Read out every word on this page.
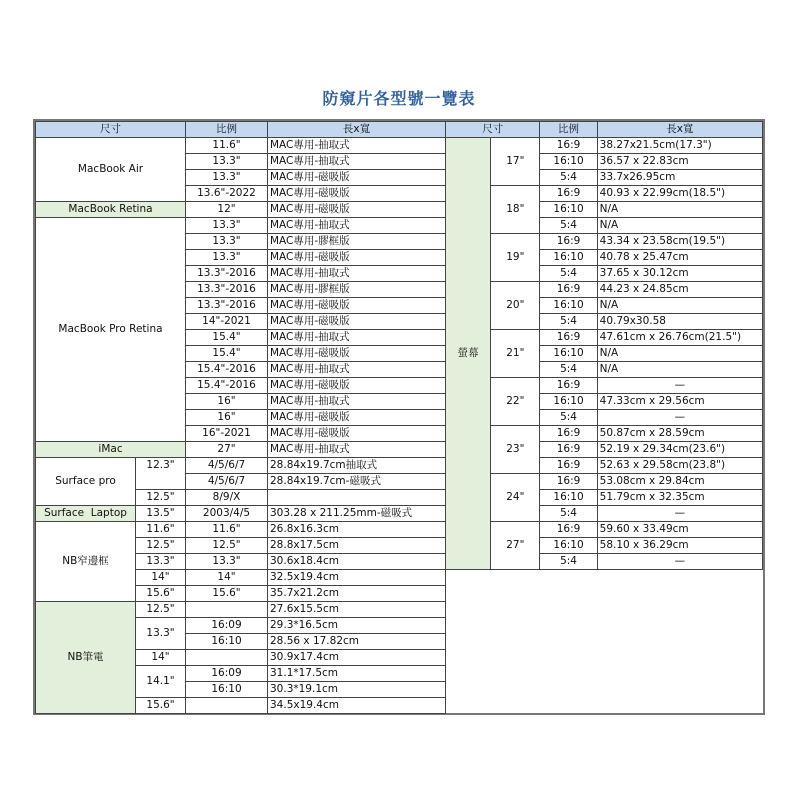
防窺片各型號一覽表
尺寸		比例	長x寬
MacBook Air		11.6"	MAC專用-抽取式
		13.3"	MAC專用-抽取式
		13.3"	MAC專用-磁吸版
		13.6"-2022	MAC專用-磁吸版
MacBook Retina		12"	MAC專用-磁吸版
MacBook Pro Retina		13.3"	MAC專用-抽取式
		13.3"	MAC專用-膠框版
		13.3"	MAC專用-磁吸版
		13.3"-2016	MAC專用-抽取式
		13.3"-2016	MAC專用-膠框版
		13.3"-2016	MAC專用-磁吸版
		14"-2021	MAC專用-磁吸版
		15.4"	MAC專用-抽取式
		15.4"	MAC專用-磁吸版
		15.4"-2016	MAC專用-抽取式
		15.4"-2016	MAC專用-磁吸版
		16"	MAC專用-抽取式
		16"	MAC專用-磁吸版
		16"-2021	MAC專用-磁吸版
iMac		27"	MAC專用-抽取式
Surface pro	12.3"	4/5/6/7	28.84x19.7cm抽取式
		4/5/6/7	28.84x19.7cm-磁吸式
	12.5"	8/9/X	
Surface  Laptop	13.5"	2003/4/5	303.28 x 211.25mm-磁吸式
NB窄邊框	11.6"	11.6"	26.8x16.3cm
	12.5"	12.5"	28.8x17.5cm
	13.3"	13.3"	30.6x18.4cm
	14"	14"	32.5x19.4cm
	15.6"	15.6"	35.7x21.2cm
NB筆電	12.5"		27.6x15.5cm
	13.3"	16:09	29.3*16.5cm
		16:10	28.56 x 17.82cm
	14"		30.9x17.4cm
	14.1"	16:09	31.1*17.5cm
		16:10	30.3*19.1cm
	15.6"		34.5x19.4cm
尺寸		比例	長x寬
螢幕	17"	16:9	38.27x21.5cm(17.3")
		16:10	36.57 x 22.83cm
		5:4	33.7x26.95cm
	18"	16:9	40.93 x 22.99cm(18.5")
		16:10	N/A
		5:4	N/A
	19"	16:9	43.34 x 23.58cm(19.5")
		16:10	40.78 x 25.47cm
		5:4	37.65 x 30.12cm
	20"	16:9	44.23 x 24.85cm
		16:10	N/A
		5:4	40.79x30.58
	21"	16:9	47.61cm x 26.76cm(21.5")
		16:10	N/A
		5:4	N/A
	22"	16:9	—
		16:10	47.33cm x 29.56cm
		5:4	—
	23"	16:9	50.87cm x 28.59cm
		16:9	52.19 x 29.34cm(23.6")
		16:9	52.63 x 29.58cm(23.8")
	24"	16:9	53.08cm x 29.84cm
		16:10	51.79cm x 32.35cm
		5:4	—
	27"	16:9	59.60 x 33.49cm
		16:10	58.10 x 36.29cm
		5:4	—
